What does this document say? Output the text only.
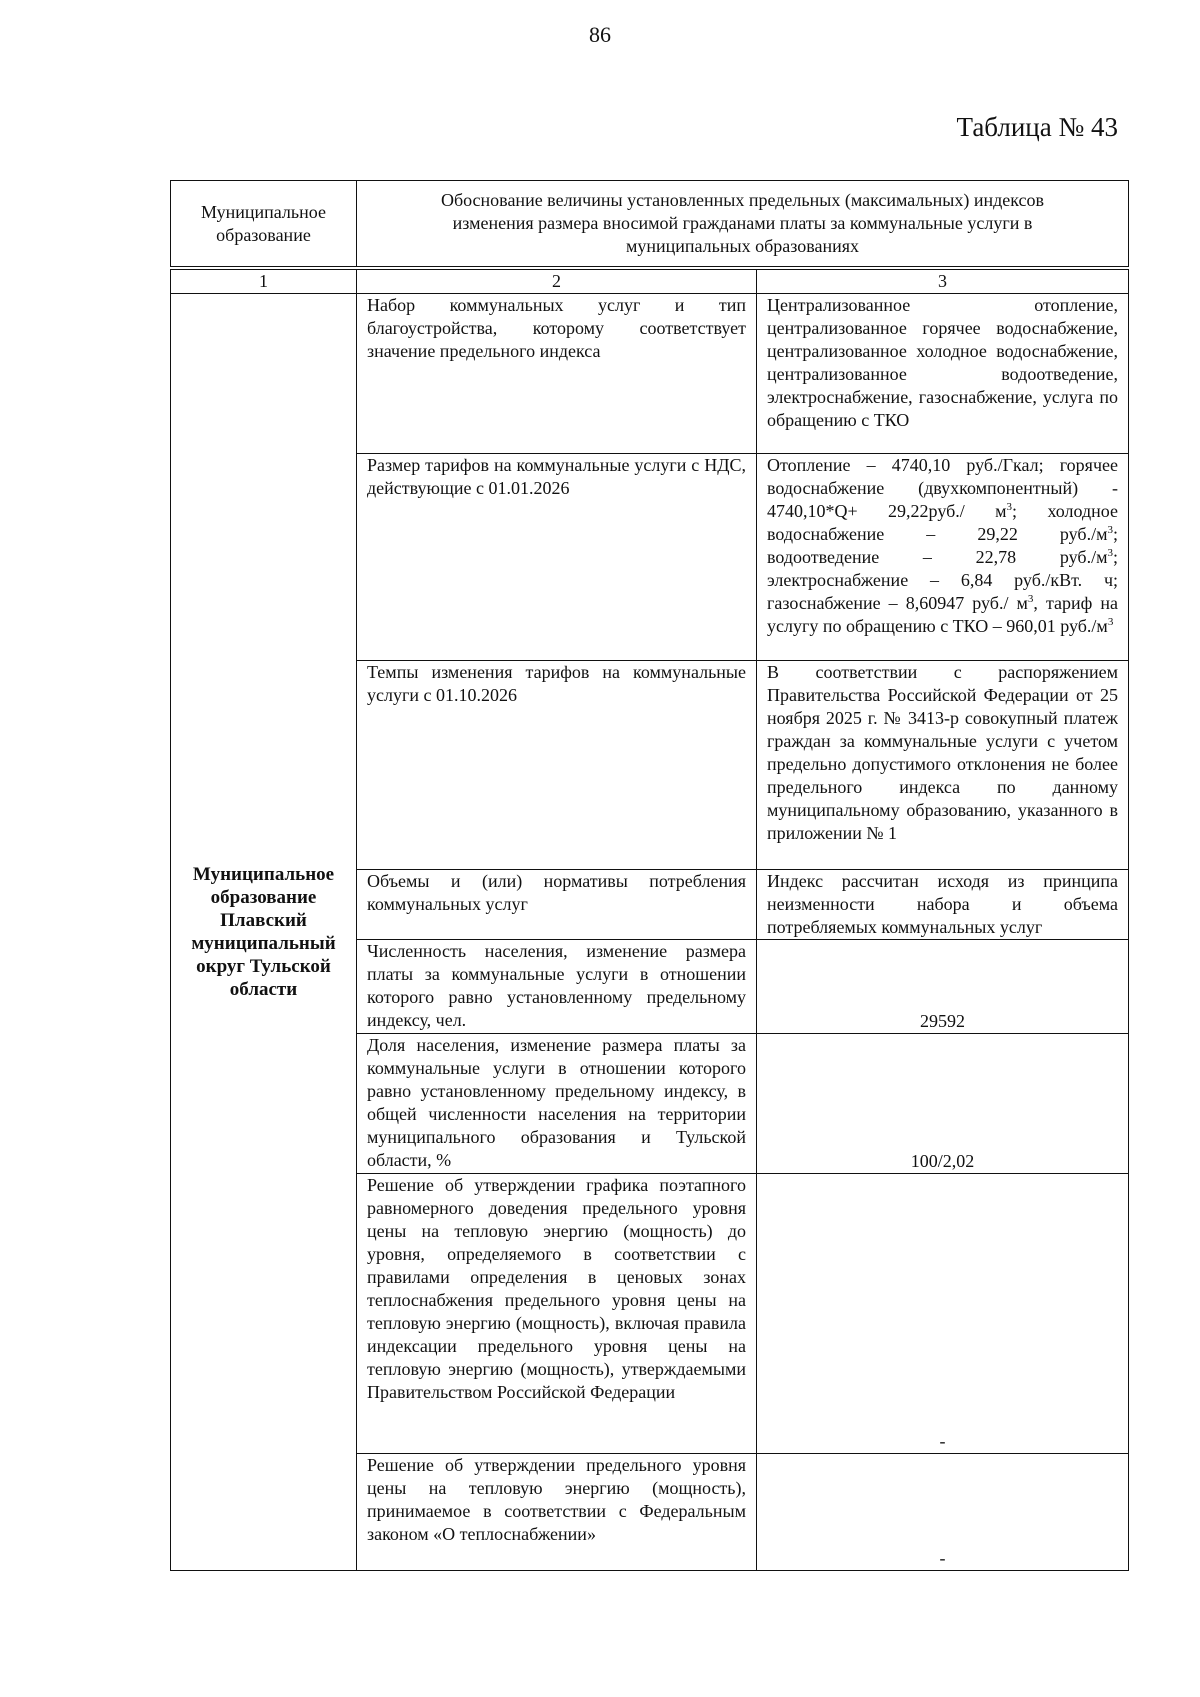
86
Таблица № 43
Муниципальное образование	Обоснование величины установленных предельных (максимальных) индексов изменения размера вносимой гражданами платы за коммунальные услуги в муниципальных образованиях
1	2	3
Муниципальное образование Плавский муниципальный округ Тульской области	Набор коммунальных услуг и тип благоустройства, которому соответствует значение предельного индекса	Централизованное отопление, централизованное горячее водоснабжение, централизованное холодное водоснабжение, централизованное водоотведение, электроснабжение, газоснабжение, услуга по обращению с ТКО
	Размер тарифов на коммунальные услуги с НДС, действующие с 01.01.2026	Отопление – 4740,10 руб./Гкал; горячее водоснабжение (двухкомпонентный) - 4740,10*Q+ 29,22руб./ $м^3$; холодное водоснабжение – 29,22 $руб./м^3$; водоотведение – 22,78 $руб./м^3$; электроснабжение – 6,84 руб./кВт. ч; газоснабжение – 8,60947 руб./ $м^3$, тариф на услугу по обращению с ТКО – 960,01 $руб./м^3$
	Темпы изменения тарифов на коммунальные услуги с 01.10.2026	В соответствии с распоряжением Правительства Российской Федерации от 25 ноября 2025 г. № 3413-р совокупный платеж граждан за коммунальные услуги с учетом предельно допустимого отклонения не более предельного индекса по данному муниципальному образованию, указанного в приложении № 1
	Объемы и (или) нормативы потребления коммунальных услуг	Индекс рассчитан исходя из принципа неизменности набора и объема потребляемых коммунальных услуг
	Численность населения, изменение размера платы за коммунальные услуги в отношении которого равно установленному предельному индексу, чел.	29592
	Доля населения, изменение размера платы за коммунальные услуги в отношении которого равно установленному предельному индексу, в общей численности населения на территории муниципального образования и Тульской области, %	100/2,02
	Решение об утверждении графика поэтапного равномерного доведения предельного уровня цены на тепловую энергию (мощность) до уровня, определяемого в соответствии с правилами определения в ценовых зонах теплоснабжения предельного уровня цены на тепловую энергию (мощность), включая правила индексации предельного уровня цены на тепловую энергию (мощность), утверждаемыми Правительством Российской Федерации	-
	Решение об утверждении предельного уровня цены на тепловую энергию (мощность), принимаемое в соответствии с Федеральным законом «О теплоснабжении»	-
